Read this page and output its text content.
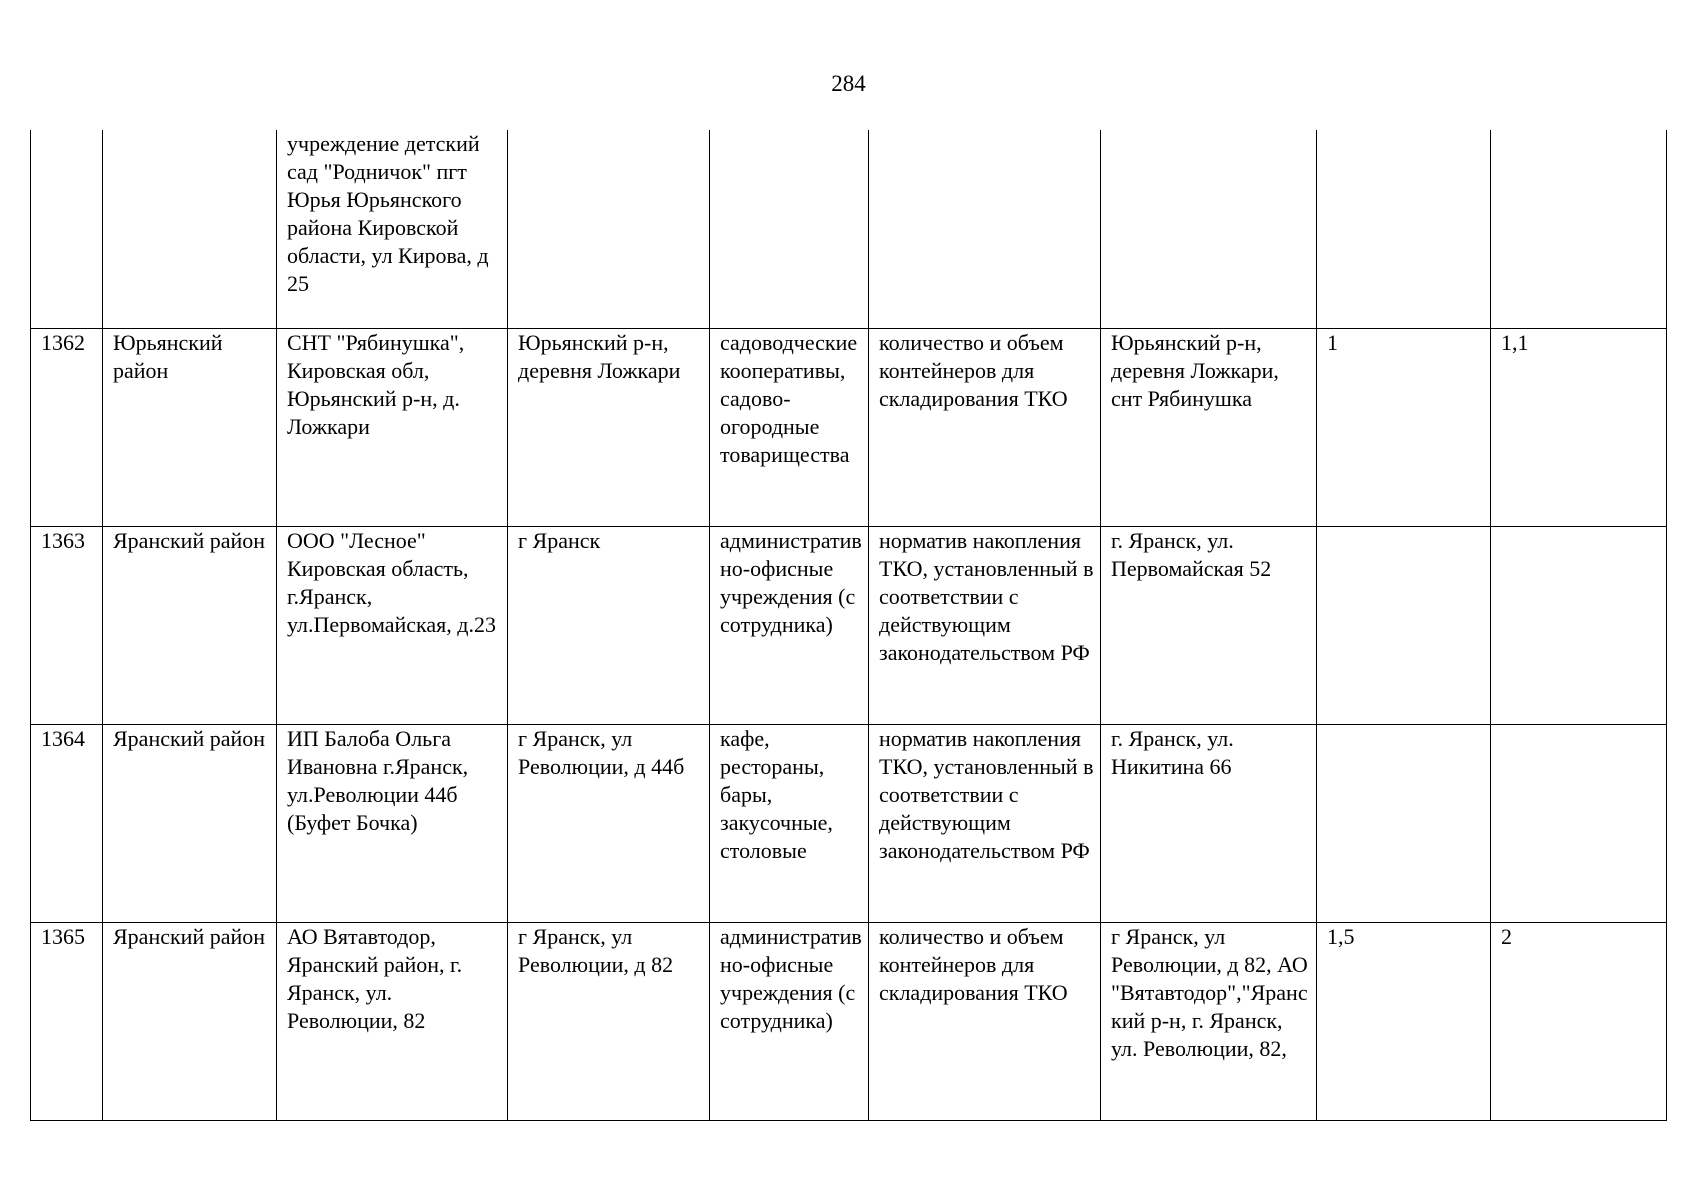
284
		учреждение детский сад "Родничок" пгт Юрья Юрьянского района Кировской области, ул Кирова, д 25						
1362	Юрьянский район	СНТ "Рябинушка", Кировская обл, Юрьянский р-н, д. Ложкари	Юрьянский р-н, деревня Ложкари	садоводческие кооперативы, садово-огородные товарищества	количество и объем контейнеров для складирования ТКО	Юрьянский р-н, деревня Ложкари, снт Рябинушка	1	1,1
1363	Яранский район	ООО "Лесное" Кировская область, г.Яранск, ул.Первомайская, д.23	г Яранск	административно-офисные учреждения (с сотрудника)	норматив накопления ТКО, установленный в соответствии с действующим законодательством РФ	г. Яранск, ул. Первомайская 52		
1364	Яранский район	ИП Балоба Ольга Ивановна г.Яранск, ул.Революции 44б (Буфет Бочка)	г Яранск, ул Революции, д 44б	кафе, рестораны, бары, закусочные, столовые	норматив накопления ТКО, установленный в соответствии с действующим законодательством РФ	г. Яранск, ул. Никитина 66		
1365	Яранский район	АО Вятавтодор, Яранский район, г. Яранск, ул. Революции, 82	г Яранск, ул Революции, д 82	административно-офисные учреждения (с сотрудника)	количество и объем контейнеров для складирования ТКО	г Яранск, ул Революции, д 82, АО "Вятавтодор","Яранский р-н, г. Яранск, ул. Революции, 82,	1,5	2
